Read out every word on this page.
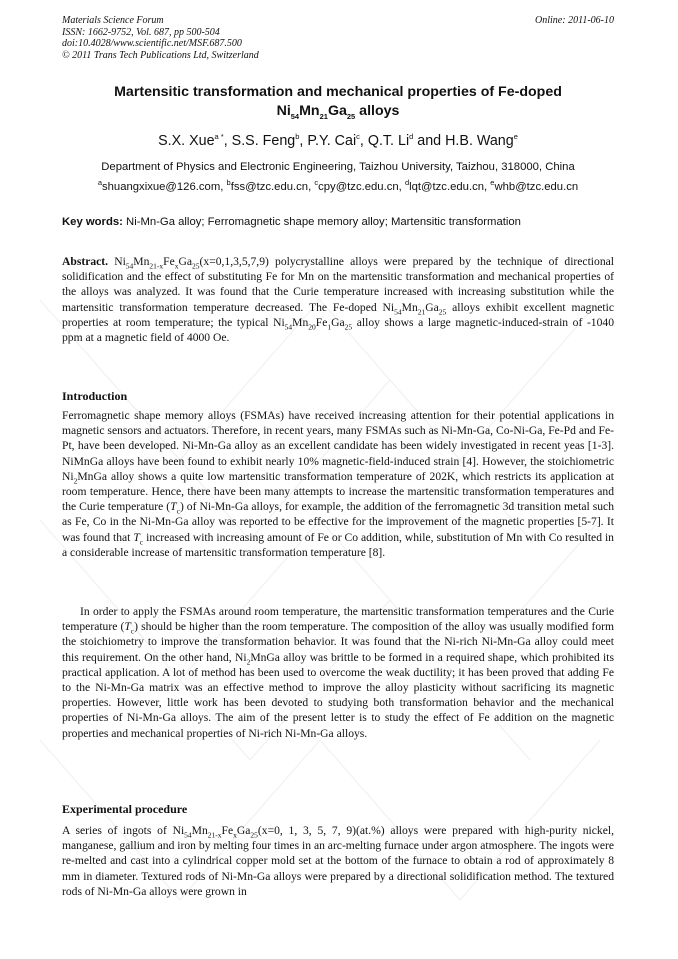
Materials Science Forum
ISSN: 1662-9752, Vol. 687, pp 500-504
doi:10.4028/www.scientific.net/MSF.687.500
© 2011 Trans Tech Publications Ltd, Switzerland
Online: 2011-06-10
Martensitic transformation and mechanical properties of Fe-doped
$Ni_{54}Mn_{21}Ga_{25}$ alloys
S.X. Xue$^{a *}$, S.S. Feng$^b$, P.Y. Cai$^c$, Q.T. Li$^d$ and H.B. Wang$^e$
Department of Physics and Electronic Engineering, Taizhou University, Taizhou, 318000, China
$^a$shuangxixue@126.com, $^b$fss@tzc.edu.cn, $^c$cpy@tzc.edu.cn, $^d$lqt@tzc.edu.cn, $^e$whb@tzc.edu.cn
Key words: Ni-Mn-Ga alloy; Ferromagnetic shape memory alloy; Martensitic transformation
Abstract. $Ni_{54}Mn_{21-x}Fe_xGa_{25}(x=0,1,3,5,7,9)$ polycrystalline alloys were prepared by the technique of directional solidification and the effect of substituting Fe for Mn on the martensitic transformation and mechanical properties of the alloys was analyzed. It was found that the Curie temperature increased with increasing substitution while the martensitic transformation temperature decreased. The Fe-doped $Ni_{54}Mn_{21}Ga_{25}$ alloys exhibit excellent magnetic properties at room temperature; the typical $Ni_{54}Mn_{20}Fe_1Ga_{25}$ alloy shows a large magnetic-induced-strain of -1040 ppm at a magnetic field of 4000 Oe.
Introduction
Ferromagnetic shape memory alloys (FSMAs) have received increasing attention for their potential applications in magnetic sensors and actuators. Therefore, in recent years, many FSMAs such as Ni-Mn-Ga, Co-Ni-Ga, Fe-Pd and Fe-Pt, have been developed. Ni-Mn-Ga alloy as an excellent candidate has been widely investigated in recent yeas [1-3]. NiMnGa alloys have been found to exhibit nearly 10% magnetic-field-induced strain [4]. However, the stoichiometric $Ni_2MnGa$ alloy shows a quite low martensitic transformation temperature of 202K, which restricts its application at room temperature. Hence, there have been many attempts to increase the martensitic transformation temperatures and the Curie temperature $(T_c)$ of Ni-Mn-Ga alloys, for example, the addition of the ferromagnetic 3d transition metal such as Fe, Co in the Ni-Mn-Ga alloy was reported to be effective for the improvement of the magnetic properties [5-7]. It was found that $T_c$ increased with increasing amount of Fe or Co addition, while, substitution of Mn with Co resulted in a considerable increase of martensitic transformation temperature [8].
In order to apply the FSMAs around room temperature, the martensitic transformation temperatures and the Curie temperature $(T_c)$ should be higher than the room temperature. The composition of the alloy was usually modified form the stoichiometry to improve the transformation behavior. It was found that the Ni-rich Ni-Mn-Ga alloy could meet this requirement. On the other hand, $Ni_2MnGa$ alloy was brittle to be formed in a required shape, which prohibited its practical application. A lot of method has been used to overcome the weak ductility; it has been proved that adding Fe to the Ni-Mn-Ga matrix was an effective method to improve the alloy plasticity without sacrificing its magnetic properties. However, little work has been devoted to studying both transformation behavior and the mechanical properties of Ni-Mn-Ga alloys. The aim of the present letter is to study the effect of Fe addition on the magnetic properties and mechanical properties of Ni-rich Ni-Mn-Ga alloys.
Experimental procedure
A series of ingots of $Ni_{54}Mn_{21-x}Fe_xGa_{25}(x=0$, 1, 3, 5, 7, 9)(at.%) alloys were prepared with high-purity nickel, manganese, gallium and iron by melting four times in an arc-melting furnace under argon atmosphere. The ingots were re-melted and cast into a cylindrical copper mold set at the bottom of the furnace to obtain a rod of approximately 8 mm in diameter. Textured rods of Ni-Mn-Ga alloys were prepared by a directional solidification method. The textured rods of Ni-Mn-Ga alloys were grown in
